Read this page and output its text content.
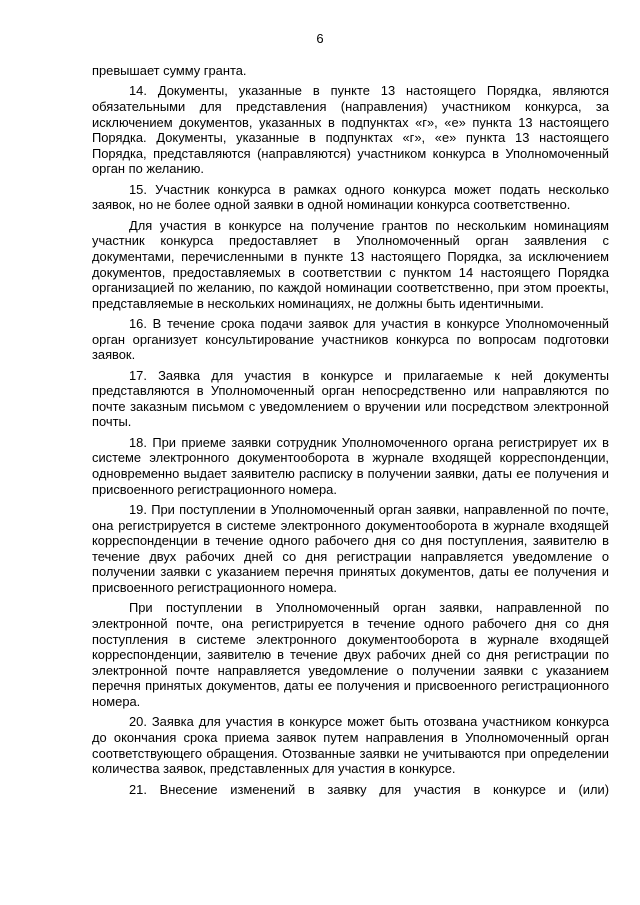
6

превышает сумму гранта.

14. Документы, указанные в пункте 13 настоящего Порядка, являются обязательными для представления (направления) участником конкурса, за исключением документов, указанных в подпунктах «г», «е» пункта 13 настоящего Порядка. Документы, указанные в подпунктах «г», «е» пункта 13 настоящего Порядка, представляются (направляются) участником конкурса в Уполномоченный орган по желанию.

15. Участник конкурса в рамках одного конкурса может подать несколько заявок, но не более одной заявки в одной номинации конкурса соответственно.

Для участия в конкурсе на получение грантов по нескольким номинациям участник конкурса предоставляет в Уполномоченный орган заявления с документами, перечисленными в пункте 13 настоящего Порядка, за исключением документов, предоставляемых в соответствии с пунктом 14 настоящего Порядка организацией по желанию, по каждой номинации соответственно, при этом проекты, представляемые в нескольких номинациях, не должны быть идентичными.

16. В течение срока подачи заявок для участия в конкурсе Уполномоченный орган организует консультирование участников конкурса по вопросам подготовки заявок.

17. Заявка для участия в конкурсе и прилагаемые к ней документы представляются в Уполномоченный орган непосредственно или направляются по почте заказным письмом с уведомлением о вручении или посредством электронной почты.

18. При приеме заявки сотрудник Уполномоченного органа регистрирует их в системе электронного документооборота в журнале входящей корреспонденции, одновременно выдает заявителю расписку в получении заявки, даты ее получения и присвоенного регистрационного номера.

19. При поступлении в Уполномоченный орган заявки, направленной по почте, она регистрируется в системе электронного документооборота в журнале входящей корреспонденции в течение одного рабочего дня со дня поступления, заявителю в течение двух рабочих дней со дня регистрации направляется уведомление о получении заявки с указанием перечня принятых документов, даты ее получения и присвоенного регистрационного номера.

При поступлении в Уполномоченный орган заявки, направленной по электронной почте, она регистрируется в течение одного рабочего дня со дня поступления в системе электронного документооборота в журнале входящей корреспонденции, заявителю в течение двух рабочих дней со дня регистрации по электронной почте направляется уведомление о получении заявки с указанием перечня принятых документов, даты ее получения и присвоенного регистрационного номера.

20. Заявка для участия в конкурсе может быть отозвана участником конкурса до окончания срока приема заявок путем направления в Уполномоченный орган соответствующего обращения. Отозванные заявки не учитываются при определении количества заявок, представленных для участия в конкурсе.

21. Внесение изменений в заявку для участия в конкурсе и (или)
